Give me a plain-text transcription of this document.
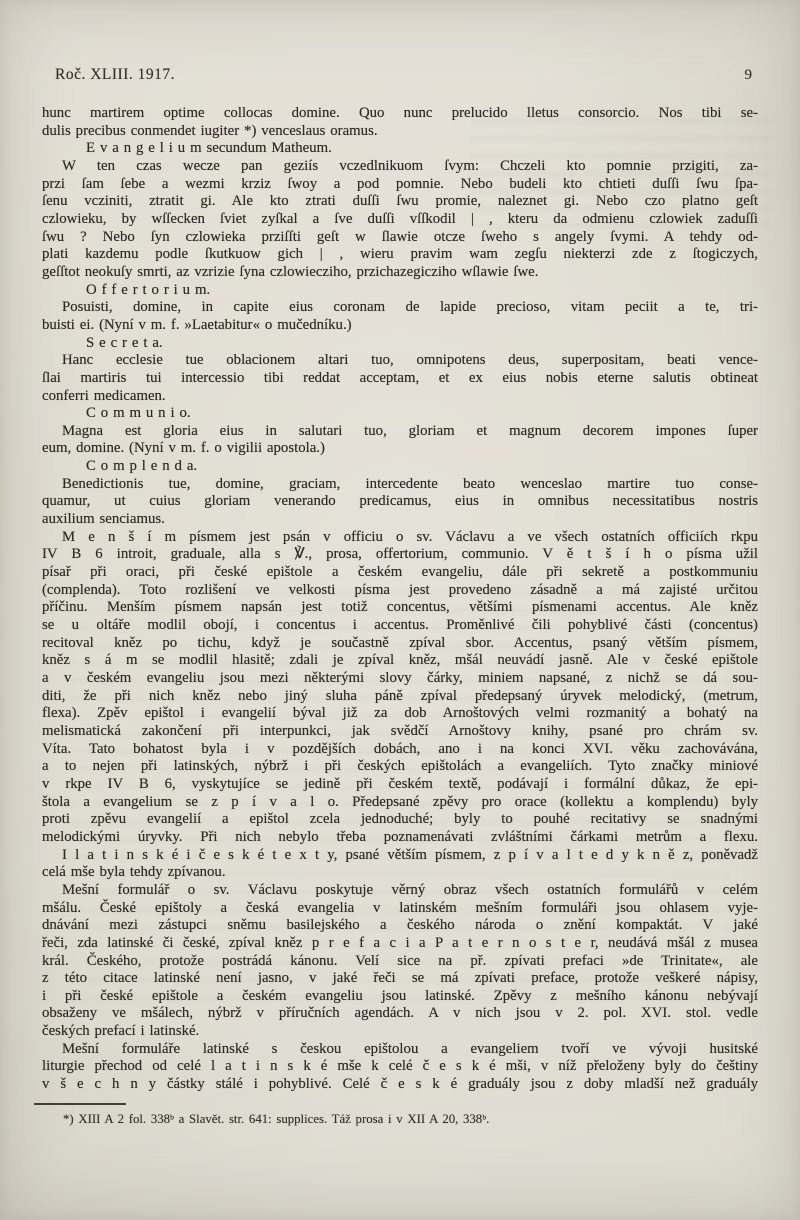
Roč. XLIII. 1917.	9
hunc martirem optime collocas domine. Quo nunc prelucido lletus consorcio. Nos tibi se-
dulis precibus conmendet iugiter *) venceslaus oramus.
E v a n g e l i u m secundum Matheum.
W ten czas wecze pan geziís vczedlnikuom ſvym: Chczeli kto pomnie przigiti, za-
przi ſam ſebe a wezmi krziz ſwoy a pod pomnie. Nebo budeli kto chtieti duſſi ſwu ſpa-
ſenu vcziniti, ztratit gi. Ale kto ztrati duſſi ſwu promie, naleznet gi. Nebo czo platno geſt
czlowieku, by wſſecken ſviet zyſkal a ſve duſſi vſſkodil | , kteru da odmienu czlowiek zaduſſi
ſwu ? Nebo ſyn czlowieka prziſſti geſt w ſlawie otcze ſweho s angely ſvymi. A tehdy od-
plati kazdemu podle ſkutkuow gich | , wieru pravim wam zegſu niekterzi zde z ſtogiczych,
geſſtot neokuſy smrti, az vzrizie ſyna czlowiecziho, przichazegicziho wſlawie ſwe.
O f f e r t o r i u m.
Posuisti, domine, in capite eius coronam de lapide precioso, vitam peciit a te, tri-
buisti ei. (Nyní v m. f. »Laetabitur« o mučedníku.)
S e c r e t a.
Hanc ecclesie tue oblacionem altari tuo, omnipotens deus, superpositam, beati vence-
ſlai martiris tui intercessio tibi reddat acceptam, et ex eius nobis eterne salutis obtineat
conferri medicamen.
C o m m u n i o.
Magna est gloria eius in salutari tuo, gloriam et magnum decorem impones ſuper
eum, domine. (Nyní v m. f. o vigilii apostola.)
C o m p l e n d a.
Benedictionis tue, domine, graciam, intercedente beato wenceslao martire tuo conse-
quamur, ut cuius gloriam venerando predicamus, eius in omnibus necessitatibus nostris
auxilium senciamus.
M e n š í m písmem jest psán v officiu o sv. Václavu a ve všech ostatních officiích rkpu
IV B 6 introit, graduale, alla s ℣., prosa, offertorium, communio. V ě t š í h o písma užil
písař při oraci, při české epištole a českém evangeliu, dále při sekretě a postkommuniu
(complenda). Toto rozlišení ve velkosti písma jest provedeno zásadně a má zajisté určitou
příčinu. Menším písmem napsán jest totiž concentus, většími písmenami accentus. Ale kněz
se u oltáře modlil obojí, i concentus i accentus. Proměnlivé čili pohyblivé části (concentus)
recitoval kněz po tichu, když je součastně zpíval sbor. Accentus, psaný větším písmem,
kněz s á m se modlil hlasitě; zdali je zpíval kněz, mšál neuvádí jasně. Ale v české epištole
a v českém evangeliu jsou mezi některými slovy čárky, miniem napsané, z nichž se dá sou-
diti, že při nich kněz nebo jiný sluha páně zpíval předepsaný úryvek melodický, (metrum,
flexa). Zpěv epištol i evangelií býval již za dob Arnoštových velmi rozmanitý a bohatý na
melismatická zakončení při interpunkci, jak svědčí Arnoštovy knihy, psané pro chrám sv.
Víta. Tato bohatost byla i v pozdějších dobách, ano i na konci XVI. věku zachovávána,
a to nejen při latinských, nýbrž i při českých epištolách a evangeliích. Tyto značky miniové
v rkpe IV B 6, vyskytujíce se jedině při českém textě, podávají i formální důkaz, že epi-
štola a evangelium se z p í v a l o. Předepsané zpěvy pro orace (kollektu a komplendu) byly
proti zpěvu evangelií a epištol zcela jednoduché; byly to pouhé recitativy se snadnými
melodickými úryvky. Při nich nebylo třeba poznamenávati zvláštními čárkami metrům a flexu.
I l a t i n s k é i č e s k é t e x t y, psané větším písmem, z p í v a l t e d y k n ě z, poněvadž
celá mše byla tehdy zpívanou.
Mešní formulář o sv. Václavu poskytuje věrný obraz všech ostatních formulářů v celém
mšálu. České epištoly a česká evangelia v latinském mešním formuláři jsou ohlasem vyje-
dnávání mezi zástupci sněmu basilejského a českého národa o znění kompaktát. V jaké
řeči, zda latinské či české, zpíval kněz p r e f a c i a P a t e r n o s t e r, neudává mšál z musea
král. Českého, protože postrádá kánonu. Velí sice na př. zpívati prefaci »de Trinitate«, ale
z této citace latinské není jasno, v jaké řeči se má zpívati preface, protože veškeré nápisy,
i při české epištole a českém evangeliu jsou latinské. Zpěvy z mešního kánonu nebývají
obsaženy ve mšálech, nýbrž v příručních agendách. A v nich jsou v 2. pol. XVI. stol. vedle
českých prefací i latinské.
Mešní formuláře latinské s českou epištolou a evangeliem tvoří ve vývoji husitské
liturgie přechod od celé l a t i n s k é mše k celé č e s k é mši, v níž přeloženy byly do češtiny
v š e c h n y částky stálé i pohyblivé. Celé č e s k é graduály jsou z doby mladší než graduály
*) XIII A 2 fol. 338ᵇ a Slavět. str. 641: supplices. Táž prosa i v XII A 20, 338ᵇ.
